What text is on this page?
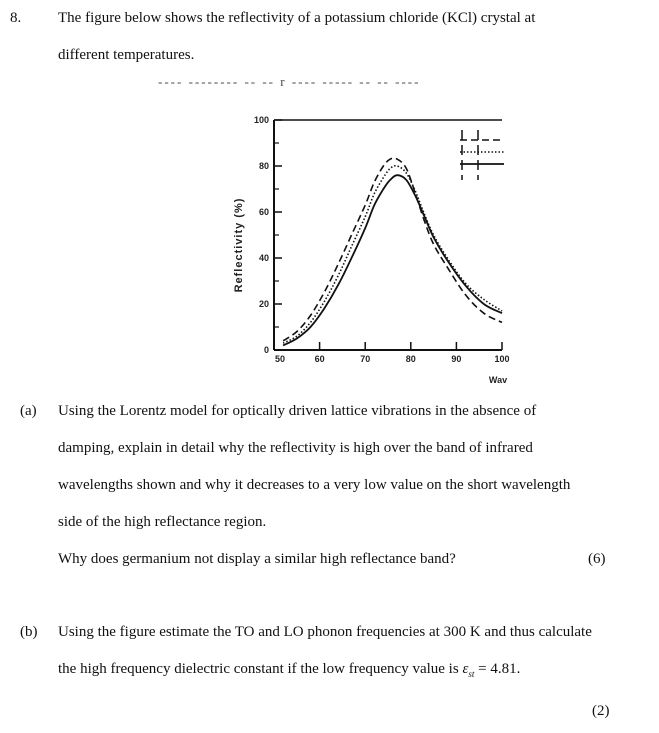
8. The figure below shows the reflectivity of a potassium chloride (KCl) crystal at
different temperatures.
---- -------- -- -- r ---- ----- -- -- ----
100
80
60
40
20
0
50	60	70	80	90	100
Reflectivity (%)
Wav
(a) Using the Lorentz model for optically driven lattice vibrations in the absence of
damping, explain in detail why the reflectivity is high over the band of infrared
wavelengths shown and why it decreases to a very low value on the short wavelength
side of the high reflectance region.
Why does germanium not display a similar high reflectance band?	(6)
(b) Using the figure estimate the TO and LO phonon frequencies at 300 K and thus calculate
the high frequency dielectric constant if the low frequency value is $\varepsilon_{st} = 4.81$.
(2)
